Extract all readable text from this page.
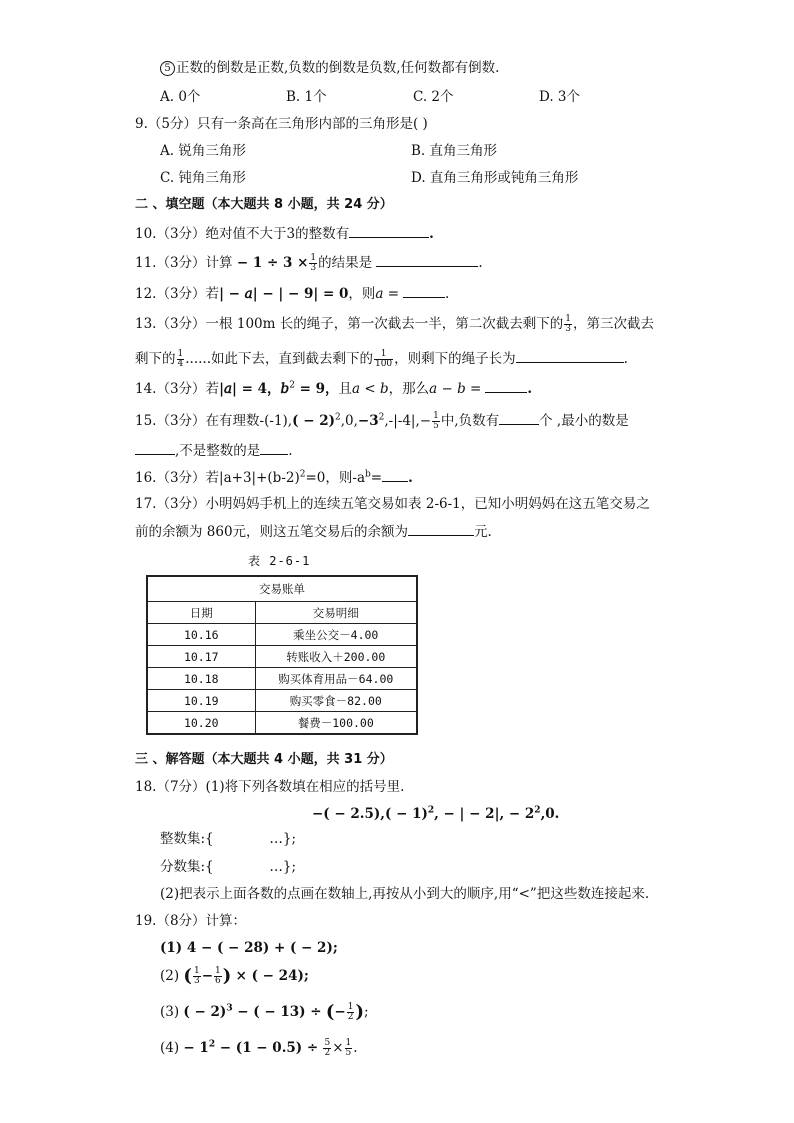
5 正数的倒数是正数,负数的倒数是负数,任何数都有倒数.
A. 0个	B. 1个	C. 2个	D. 3个
9.（5分）只有一条高在三角形内部的三角形是( )
A. 锐角三角形	B. 直角三角形
C. 钝角三角形	D. 直角三角形或钝角三角形
二 、填空题（本大题共 8 小题，共 24 分）
10.（3分）绝对值不大于3的整数有	.
11.（3分）计算 − $1 \div 3 \times \frac{1}{3}$ 的结果是	.
12.（3分）若| − 𝑎| − | − 9| = 0，则𝑎 =	.
13.（3分）一根 100m 长的绳子，第一次截去一半，第二次截去剩下的 $\frac{1}{3}$ ，第三次截去
剩下的 $\frac{1}{4}$ ......如此下去，直到截去剩下的 $\frac{1}{100}$ ，则剩下的绳子长为	.
14.（3分）若|𝑎| = 4，𝑏$^2$ = 9，且𝑎 < 𝑏，那么𝑎 − 𝑏 =	.
15.（3分）在有理数$-(-1),( - 2)^2,0,-3^2,-|-4|,- \frac{1}{5}$ 中,负数有	个 ,最小的数是
,不是整数的是 .
16.（3分）若$|a+3|+(b-2)^2=0$，则$-a^b=$ .
17.（3分）小明妈妈手机上的连续五笔交易如表 2-6-1，已知小明妈妈在这五笔交易之
前的余额为 860元，则这五笔交易后的余额为	元.
表 2-6-1
交易账单	
日期	交易明细
10.16	乘坐公交－4.00
10.17	转账收入＋200.00
10.18	购买体育用品－64.00
10.19	购买零食－82.00
10.20	餐费－100.00
三 、解答题（本大题共 4 小题，共 31 分）
18.（7分）(1)将下列各数填在相应的括号里.
−( − $2.5),( - 1)^2$, − | − 2|, − $2^2,0$.
整数集:{             …};
分数集:{             …};
(2)把表示上面各数的点画在数轴上,再按从小到大的顺序,用“<”把这些数连接起来.
19.（8分）计算：
(1) 4 − ( − 28) + ( − 2);
(2) ( $\frac{1}{3} - \frac{1}{6}$ ) × ( − 24);
(3) ( − 2)$^3$ − ( − 13) ÷ (− $\frac{1}{2}$ );
$(4) - 1^2 - (1 - 0.5) \div \frac{5}{2} \times \frac{1}{5}$ .
